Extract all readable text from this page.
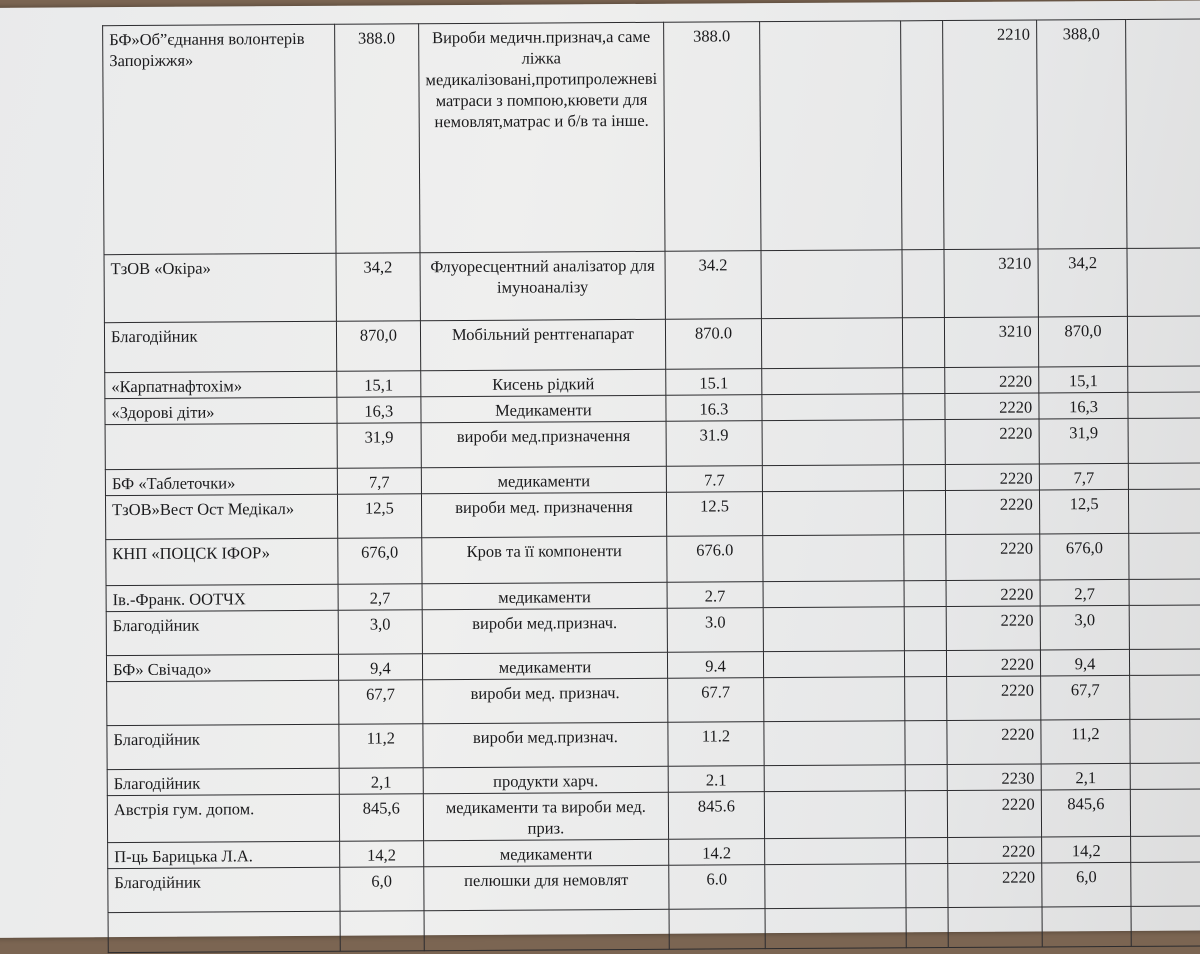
БФ»Об”єднання волонтерів Запоріжжя»	388.0	Вироби медичн.признач,а саме ліжка медикалізовані,протипролежневі матраси з помпою,кювети для немовлят,матрас и б/в та інше.	388.0			2210	388,0	
ТзОВ «Окіра»	34,2	Флуоресцентний аналізатор для імуноаналізу	34.2			3210	34,2	
Благодійник	870,0	Мобільний рентгенапарат	870.0			3210	870,0	
«Карпатнафтохім»	15,1	Кисень рідкий	15.1			2220	15,1	
«Здорові діти»	16,3	Медикаменти	16.3			2220	16,3	
	31,9	вироби мед.призначення	31.9			2220	31,9	
БФ «Таблеточки»	7,7	медикаменти	7.7			2220	7,7	
ТзОВ»Вест Ост Медікал»	12,5	вироби мед. призначення	12.5			2220	12,5	
КНП «ПОЦСК ІФОР»	676,0	Кров та її компоненти	676.0			2220	676,0	
Ів.-Франк. ООТЧХ	2,7	медикаменти	2.7			2220	2,7	
Благодійник	3,0	вироби мед.признач.	3.0			2220	3,0	
БФ» Свічадо»	9,4	медикаменти	9.4			2220	9,4	
	67,7	вироби мед. признач.	67.7			2220	67,7	
Благодійник	11,2	вироби мед.признач.	11.2			2220	11,2	
Благодійник	2,1	продукти харч.	2.1			2230	2,1	
Австрія гум. допом.	845,6	медикаменти та вироби мед. приз.	845.6			2220	845,6	
П-ць Барицька Л.А.	14,2	медикаменти	14.2			2220	14,2	
Благодійник	6,0	пелюшки для немовлят	6.0			2220	6,0	
